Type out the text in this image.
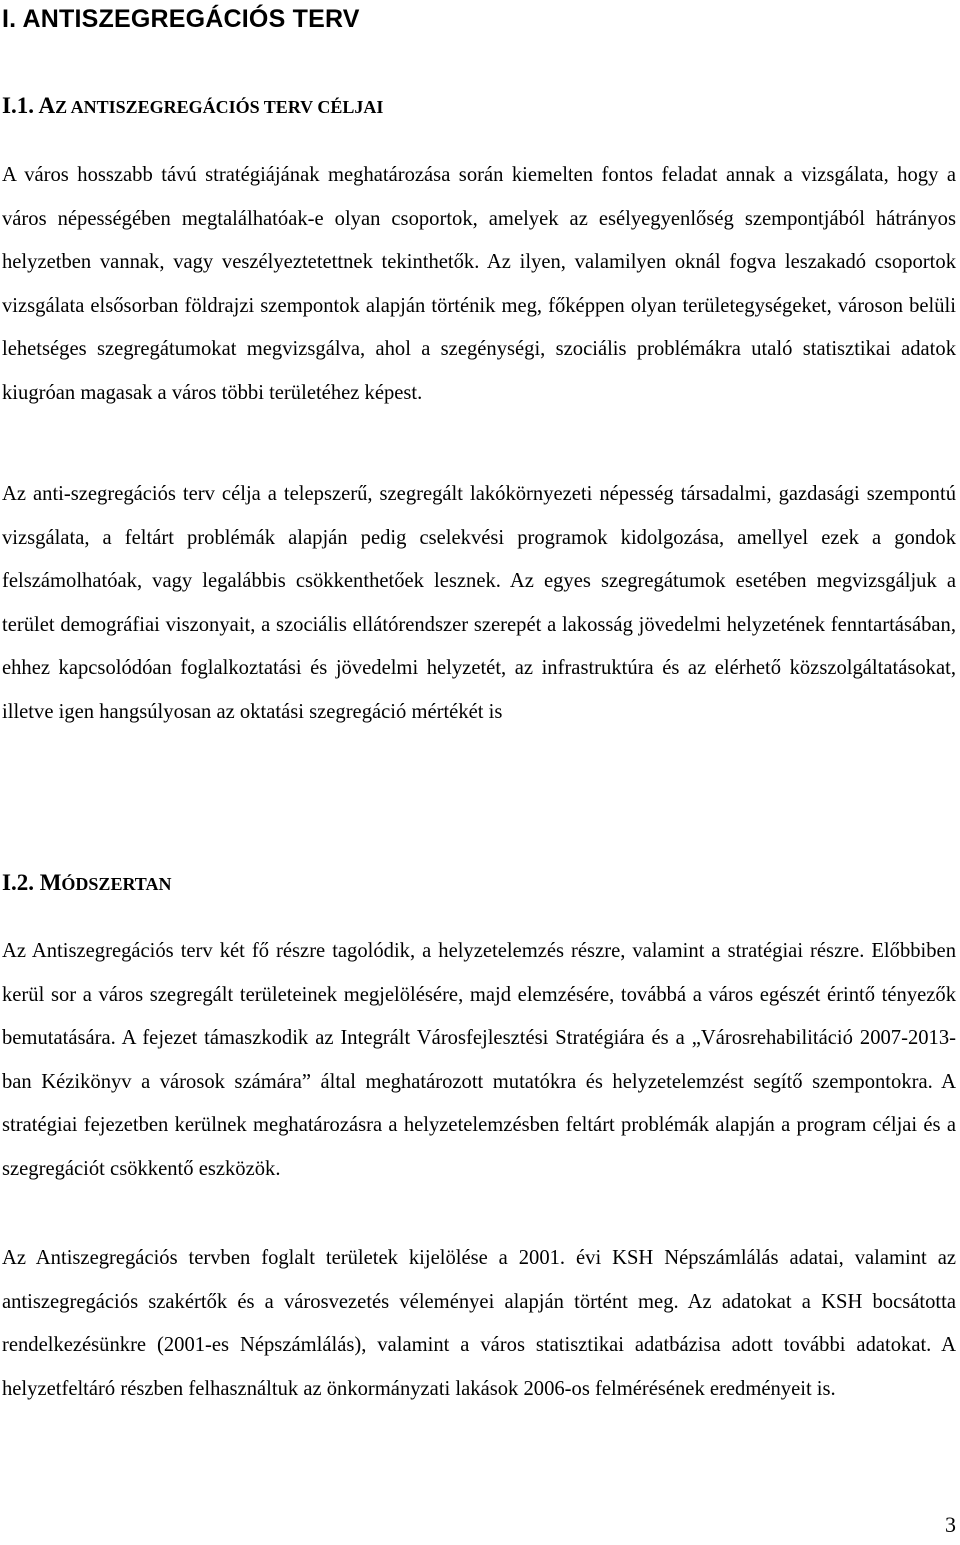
I. ANTISZEGREGÁCIÓS TERV
I.1. AZ ANTISZEGREGÁCIÓS TERV CÉLJAI

A város hosszabb távú stratégiájának meghatározása során kiemelten fontos feladat annak a vizsgálata, hogy a város népességében megtalálhatóak-e olyan csoportok, amelyek az esélyegyenlőség szempontjából hátrányos helyzetben vannak, vagy veszélyeztetettnek tekinthetők. Az ilyen, valamilyen oknál fogva leszakadó csoportok vizsgálata elsősorban földrajzi szempontok alapján történik meg, főképpen olyan területegységeket, városon belüli lehetséges szegregátumokat megvizsgálva, ahol a szegénységi, szociális problémákra utaló statisztikai adatok kiugróan magasak a város többi területéhez képest.

Az anti-szegregációs terv célja a telepszerű, szegregált lakókörnyezeti népesség társadalmi, gazdasági szempontú vizsgálata, a feltárt problémák alapján pedig cselekvési programok kidolgozása, amellyel ezek a gondok felszámolhatóak, vagy legalábbis csökkenthetőek lesznek. Az egyes szegregátumok esetében megvizsgáljuk a terület demográfiai viszonyait, a szociális ellátórendszer szerepét a lakosság jövedelmi helyzetének fenntartásában, ehhez kapcsolódóan foglalkoztatási és jövedelmi helyzetét, az infrastruktúra és az elérhető közszolgáltatásokat, illetve igen hangsúlyosan az oktatási szegregáció mértékét is

I.2. MÓDSZERTAN

Az Antiszegregációs terv két fő részre tagolódik, a helyzetelemzés részre, valamint a stratégiai részre. Előbbiben kerül sor a város szegregált területeinek megjelölésére, majd elemzésére, továbbá a város egészét érintő tényezők bemutatására. A fejezet támaszkodik az Integrált Városfejlesztési Stratégiára és a „Városrehabilitáció 2007-2013-ban Kézikönyv a városok számára” által meghatározott mutatókra és helyzetelemzést segítő szempontokra. A stratégiai fejezetben kerülnek meghatározásra a helyzetelemzésben feltárt problémák alapján a program céljai és a szegregációt csökkentő eszközök.

Az Antiszegregációs tervben foglalt területek kijelölése a 2001. évi KSH Népszámlálás adatai, valamint az antiszegregációs szakértők és a városvezetés véleményei alapján történt meg. Az adatokat a KSH bocsátotta rendelkezésünkre (2001-es Népszámlálás), valamint a város statisztikai adatbázisa adott további adatokat. A helyzetfeltáró részben felhasználtuk az önkormányzati lakások 2006-os felmérésének eredményeit is.

3
